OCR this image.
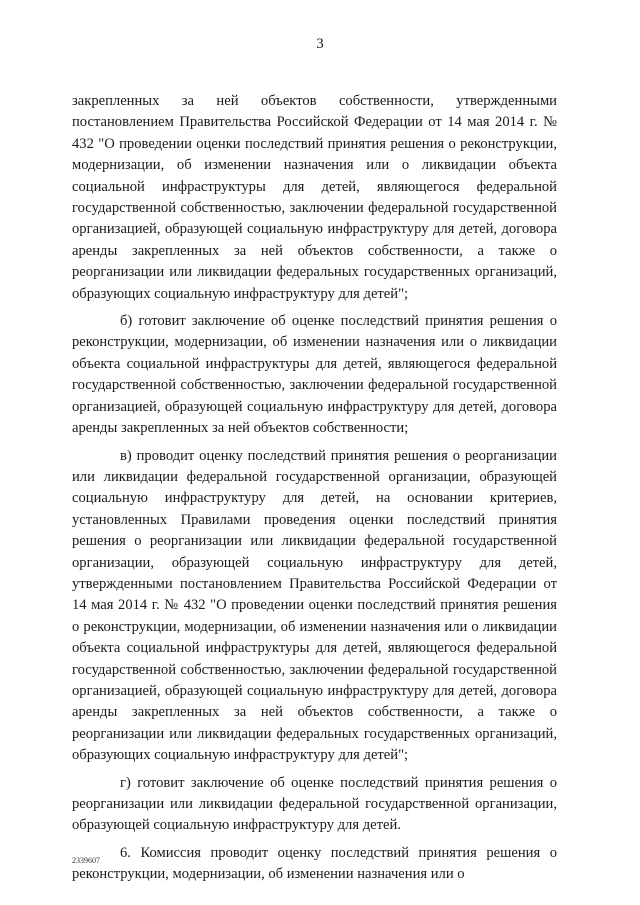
3

закрепленных за ней объектов собственности, утвержденными постановлением Правительства Российской Федерации от 14 мая 2014 г. № 432 "О проведении оценки последствий принятия решения о реконструкции, модернизации, об изменении назначения или о ликвидации объекта социальной инфраструктуры для детей, являющегося федеральной государственной собственностью, заключении федеральной государственной организацией, образующей социальную инфраструктуру для детей, договора аренды закрепленных за ней объектов собственности, а также о реорганизации или ликвидации федеральных государственных организаций, образующих социальную инфраструктуру для детей";

б) готовит заключение об оценке последствий принятия решения о реконструкции, модернизации, об изменении назначения или о ликвидации объекта социальной инфраструктуры для детей, являющегося федеральной государственной собственностью, заключении федеральной государственной организацией, образующей социальную инфраструктуру для детей, договора аренды закрепленных за ней объектов собственности;

в) проводит оценку последствий принятия решения о реорганизации или ликвидации федеральной государственной организации, образующей социальную инфраструктуру для детей, на основании критериев, установленных Правилами проведения оценки последствий принятия решения о реорганизации или ликвидации федеральной государственной организации, образующей социальную инфраструктуру для детей, утвержденными постановлением Правительства Российской Федерации от 14 мая 2014 г. № 432 "О проведении оценки последствий принятия решения о реконструкции, модернизации, об изменении назначения или о ликвидации объекта социальной инфраструктуры для детей, являющегося федеральной государственной собственностью, заключении федеральной государственной организацией, образующей социальную инфраструктуру для детей, договора аренды закрепленных за ней объектов собственности, а также о реорганизации или ликвидации федеральных государственных организаций, образующих социальную инфраструктуру для детей";

г) готовит заключение об оценке последствий принятия решения о реорганизации или ликвидации федеральной государственной организации, образующей социальную инфраструктуру для детей.

6. Комиссия проводит оценку последствий принятия решения о реконструкции, модернизации, об изменении назначения или о

2339607
